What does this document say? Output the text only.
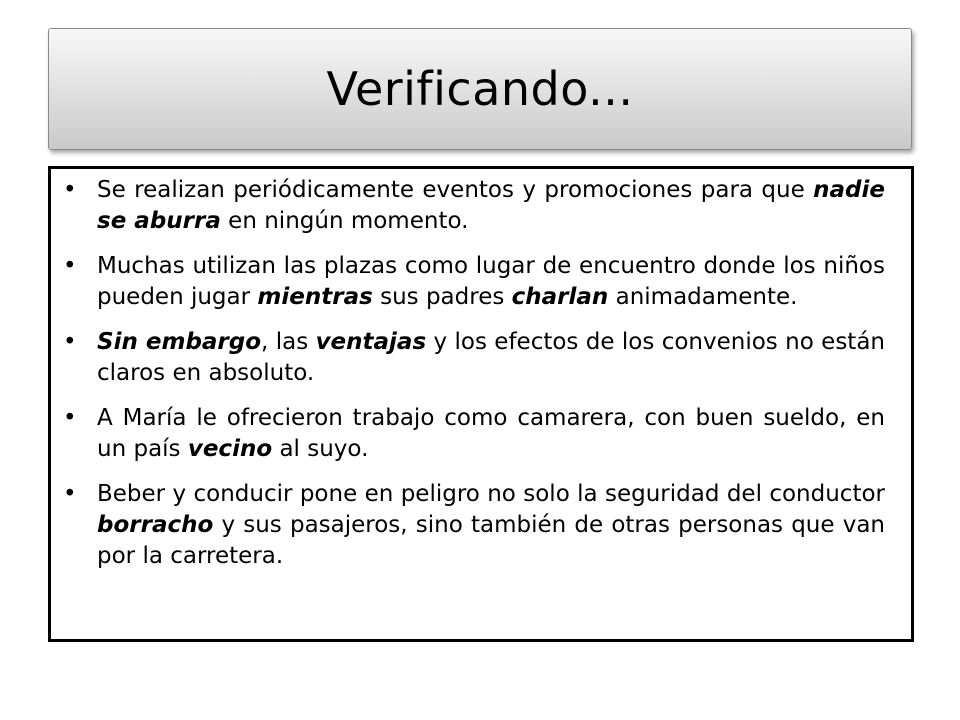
Verificando...
• Se realizan periódicamente eventos y promociones para que nadie se aburra en ningún momento.
• Muchas utilizan las plazas como lugar de encuentro donde los niños pueden jugar mientras sus padres charlan animadamente.
• Sin embargo, las ventajas y los efectos de los convenios no están claros en absoluto.
• A María le ofrecieron trabajo como camarera, con buen sueldo, en un país vecino al suyo.
• Beber y conducir pone en peligro no solo la seguridad del conductor borracho y sus pasajeros, sino también de otras personas que van por la carretera.
